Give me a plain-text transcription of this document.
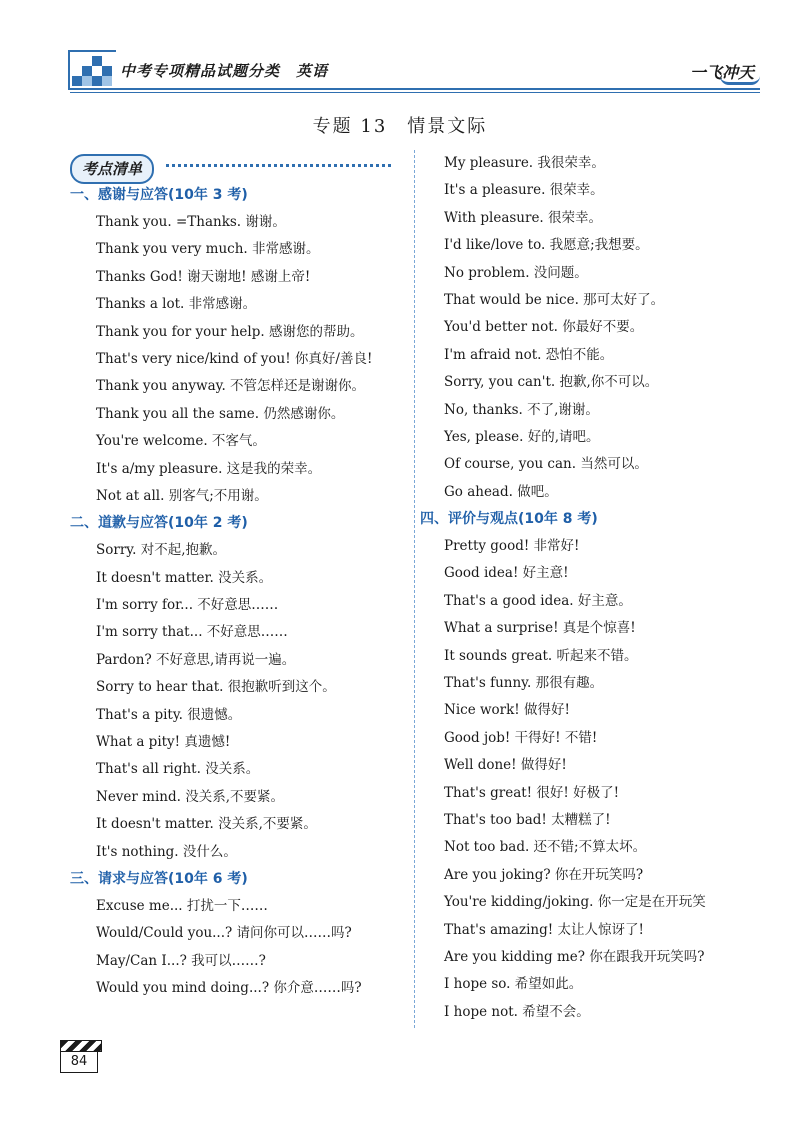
中考专项精品试题分类　英语	一飞冲天
专题 13　情景文际
考点清单
一、感谢与应答(10年 3 考)
Thank you. =Thanks. 谢谢。
Thank you very much. 非常感谢。
Thanks God! 谢天谢地! 感谢上帝!
Thanks a lot. 非常感谢。
Thank you for your help. 感谢您的帮助。
That's very nice/kind of you! 你真好/善良!
Thank you anyway. 不管怎样还是谢谢你。
Thank you all the same. 仍然感谢你。
You're welcome. 不客气。
It's a/my pleasure. 这是我的荣幸。
Not at all. 别客气;不用谢。
二、道歉与应答(10年 2 考)
Sorry. 对不起,抱歉。
It doesn't matter. 没关系。
I'm sorry for... 不好意思……
I'm sorry that... 不好意思……
Pardon? 不好意思,请再说一遍。
Sorry to hear that. 很抱歉听到这个。
That's a pity. 很遗憾。
What a pity! 真遗憾!
That's all right. 没关系。
Never mind. 没关系,不要紧。
It doesn't matter. 没关系,不要紧。
It's nothing. 没什么。
三、请求与应答(10年 6 考)
Excuse me... 打扰一下……
Would/Could you...? 请问你可以……吗?
May/Can I...? 我可以……?
Would you mind doing...? 你介意……吗?
My pleasure. 我很荣幸。
It's a pleasure. 很荣幸。
With pleasure. 很荣幸。
I'd like/love to. 我愿意;我想要。
No problem. 没问题。
That would be nice. 那可太好了。
You'd better not. 你最好不要。
I'm afraid not. 恐怕不能。
Sorry, you can't. 抱歉,你不可以。
No, thanks. 不了,谢谢。
Yes, please. 好的,请吧。
Of course, you can. 当然可以。
Go ahead. 做吧。
四、评价与观点(10年 8 考)
Pretty good! 非常好!
Good idea! 好主意!
That's a good idea. 好主意。
What a surprise! 真是个惊喜!
It sounds great. 听起来不错。
That's funny. 那很有趣。
Nice work! 做得好!
Good job! 干得好! 不错!
Well done! 做得好!
That's great! 很好! 好极了!
That's too bad! 太糟糕了!
Not too bad. 还不错;不算太坏。
Are you joking? 你在开玩笑吗?
You're kidding/joking. 你一定是在开玩笑
That's amazing! 太让人惊讶了!
Are you kidding me? 你在跟我开玩笑吗?
I hope so. 希望如此。
I hope not. 希望不会。
84
